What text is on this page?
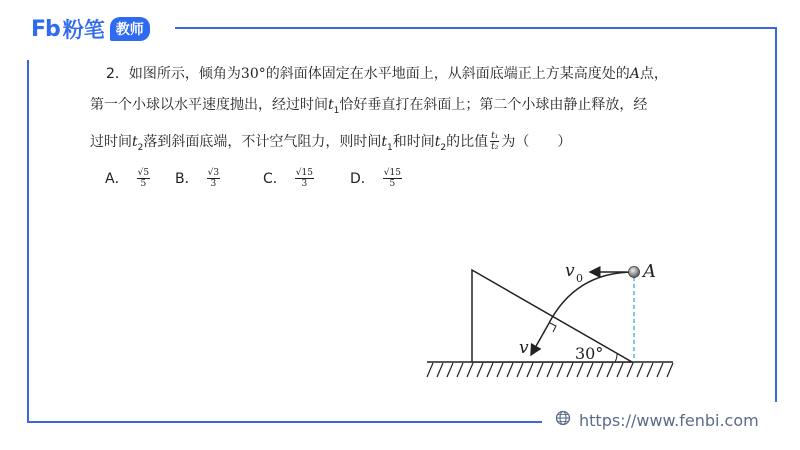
Fb 粉笔 教师
2．如图所示，倾角为30°的斜面体固定在水平地面上，从斜面底端正上方某高度处的A点，
第一个小球以水平速度抛出，经过时间$t_1$恰好垂直打在斜面上；第二个小球由静止释放，经
过时间$t_2$落到斜面底端，不计空气阻力，则时间$t_1$和时间$t_2$的比值 $\frac{\text{t₁}}{\text{t₂}}$ 为（　　）
A． $\frac{√5}{5}$ B． $\frac{√3}{3}$	C． $\frac{√15}{3}$	D． $\frac{√15}{5}$
v 0	A
v	30°
https://www.fenbi.com
